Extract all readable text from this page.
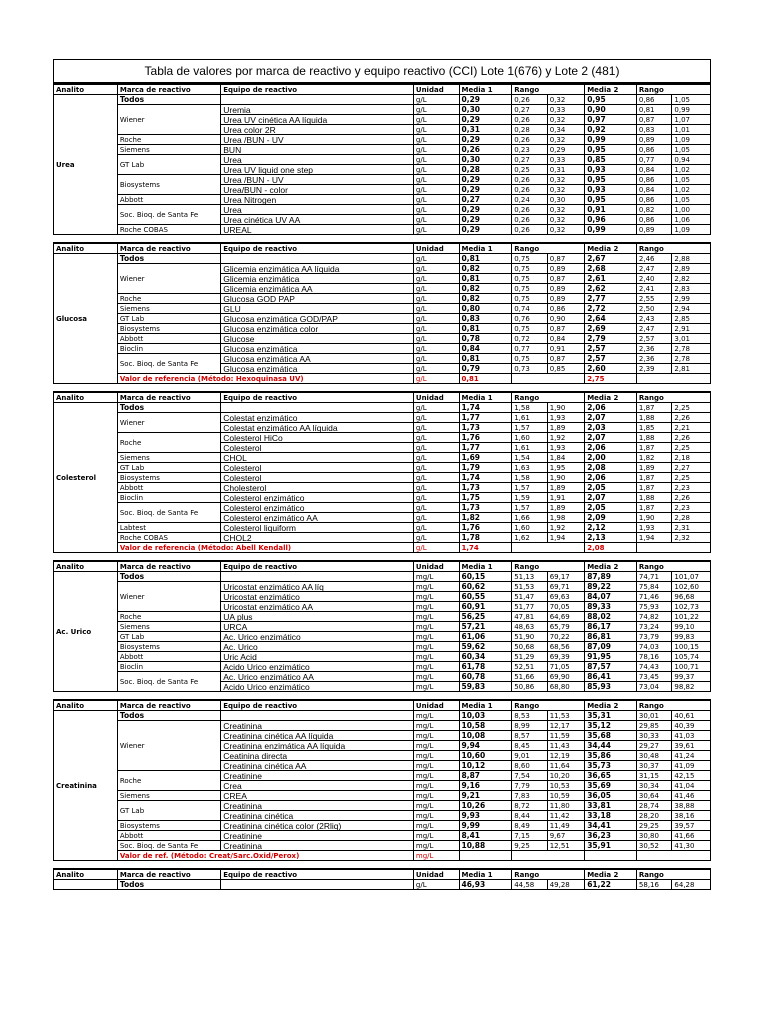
Tabla de valores por marca de reactivo y equipo reactivo (CCI) Lote 1(676) y Lote 2 (481)
Analito	Marca de reactivo	Equipo de reactivo	Unidad	Media 1	Rango		Media 2	Rango	
Urea	Todos		g/L	0,29	0,26	0,32	0,95	0,86	1,05
	Wiener	Uremia	g/L	0,30	0,27	0,33	0,90	0,81	0,99
		Urea UV cinética AA líquida	g/L	0,29	0,26	0,32	0,97	0,87	1,07
		Urea color 2R	g/L	0,31	0,28	0,34	0,92	0,83	1,01
	Roche	Urea /BUN - UV	g/L	0,29	0,26	0,32	0,99	0,89	1,09
	Siemens	BUN	g/L	0,26	0,23	0,29	0,95	0,86	1,05
	GT Lab	Urea	g/L	0,30	0,27	0,33	0,85	0,77	0,94
		Urea UV liquid one step	g/L	0,28	0,25	0,31	0,93	0,84	1,02
	Biosystems	Urea /BUN - UV	g/L	0,29	0,26	0,32	0,95	0,86	1,05
		Urea/BUN - color	g/L	0,29	0,26	0,32	0,93	0,84	1,02
	Abbott	Urea Nitrogen	g/L	0,27	0,24	0,30	0,95	0,86	1,05
	Soc. Bioq. de Santa Fe	Urea	g/L	0,29	0,26	0,32	0,91	0,82	1,00
		Urea cinética UV AA	g/L	0,29	0,26	0,32	0,96	0,86	1,06
	Roche COBAS	UREAL	g/L	0,29	0,26	0,32	0,99	0,89	1,09
Analito	Marca de reactivo	Equipo de reactivo	Unidad	Media 1	Rango		Media 2	Rango	
Glucosa	Todos		g/L	0,81	0,75	0,87	2,67	2,46	2,88
	Wiener	Glicemia enzimática AA líquida	g/L	0,82	0,75	0,89	2,68	2,47	2,89
		Glicemia enzimática	g/L	0,81	0,75	0,87	2,61	2,40	2,82
		Glicemia enzimática AA	g/L	0,82	0,75	0,89	2,62	2,41	2,83
	Roche	Glucosa GOD PAP	g/L	0,82	0,75	0,89	2,77	2,55	2,99
	Siemens	GLU	g/L	0,80	0,74	0,86	2,72	2,50	2,94
	GT Lab	Glucosa enzimática GOD/PAP	g/L	0,83	0,76	0,90	2,64	2,43	2,85
	Biosystems	Glucosa enzimática color	g/L	0,81	0,75	0,87	2,69	2,47	2,91
	Abbott	Glucose	g/L	0,78	0,72	0,84	2,79	2,57	3,01
	Bioclin	Glucosa enzimática	g/L	0,84	0,77	0,91	2,57	2,36	2,78
	Soc. Bioq. de Santa Fe	Glucosa enzimática AA	g/L	0,81	0,75	0,87	2,57	2,36	2,78
		Glucosa enzimática	g/L	0,79	0,73	0,85	2,60	2,39	2,81
	Valor de referencia (Método: Hexoquinasa UV)		g/L	0,81			2,75		
Analito	Marca de reactivo	Equipo de reactivo	Unidad	Media 1	Rango		Media 2	Rango	
Colesterol	Todos		g/L	1,74	1,58	1,90	2,06	1,87	2,25
	Wiener	Colestat enzimático	g/L	1,77	1,61	1,93	2,07	1,88	2,26
		Colestat enzimático AA líquida	g/L	1,73	1,57	1,89	2,03	1,85	2,21
	Roche	Colesterol HiCo	g/L	1,76	1,60	1,92	2,07	1,88	2,26
		Colesterol	g/L	1,77	1,61	1,93	2,06	1,87	2,25
	Siemens	CHOL	g/L	1,69	1,54	1,84	2,00	1,82	2,18
	GT Lab	Colesterol	g/L	1,79	1,63	1,95	2,08	1,89	2,27
	Biosystems	Colesterol	g/L	1,74	1,58	1,90	2,06	1,87	2,25
	Abbott	Cholesterol	g/L	1,73	1,57	1,89	2,05	1,87	2,23
	Bioclin	Colesterol enzimático	g/L	1,75	1,59	1,91	2,07	1,88	2,26
	Soc. Bioq. de Santa Fe	Colesterol enzimático	g/L	1,73	1,57	1,89	2,05	1,87	2,23
		Colesterol enzimático AA	g/L	1,82	1,66	1,98	2,09	1,90	2,28
	Labtest	Colesterol liquiform	g/L	1,76	1,60	1,92	2,12	1,93	2,31
	Roche COBAS	CHOL2	g/L	1,78	1,62	1,94	2,13	1,94	2,32
	Valor de referencia (Método: Abell Kendall)		g/L	1,74			2,08		
Analito	Marca de reactivo	Equipo de reactivo	Unidad	Media 1	Rango		Media 2	Rango	
Ac. Urico	Todos		mg/L	60,15	51,13	69,17	87,89	74,71	101,07
	Wiener	Uricostat enzimático AA líq	mg/L	60,62	51,53	69,71	89,22	75,84	102,60
		Uricostat enzimático	mg/L	60,55	51,47	69,63	84,07	71,46	96,68
		Uricostat enzimático AA	mg/L	60,91	51,77	70,05	89,33	75,93	102,73
	Roche	UA plus	mg/L	56,25	47,81	64,69	88,02	74,82	101,22
	Siemens	URCA	mg/L	57,21	48,63	65,79	86,17	73,24	99,10
	GT Lab	Ac. Urico enzimático	mg/L	61,06	51,90	70,22	86,81	73,79	99,83
	Biosystems	Ac. Urico	mg/L	59,62	50,68	68,56	87,09	74,03	100,15
	Abbott	Uric Acid	mg/L	60,34	51,29	69,39	91,95	78,16	105,74
	Bioclin	Acido Urico enzimático	mg/L	61,78	52,51	71,05	87,57	74,43	100,71
	Soc. Bioq. de Santa Fe	Ac. Urico enzimático AA	mg/L	60,78	51,66	69,90	86,41	73,45	99,37
		Acido Urico enzimático	mg/L	59,83	50,86	68,80	85,93	73,04	98,82
Analito	Marca de reactivo	Equipo de reactivo	Unidad	Media 1	Rango		Media 2	Rango	
Creatinina	Todos		mg/L	10,03	8,53	11,53	35,31	30,01	40,61
	Wiener	Creatinina	mg/L	10,58	8,99	12,17	35,12	29,85	40,39
		Creatinina cinética AA líquida	mg/L	10,08	8,57	11,59	35,68	30,33	41,03
		Creatinina enzimática AA líquida	mg/L	9,94	8,45	11,43	34,44	29,27	39,61
		Ceatinina directa	mg/L	10,60	9,01	12,19	35,86	30,48	41,24
		Creatinina cinética AA	mg/L	10,12	8,60	11,64	35,73	30,37	41,09
	Roche	Creatinine	mg/L	8,87	7,54	10,20	36,65	31,15	42,15
		Crea	mg/L	9,16	7,79	10,53	35,69	30,34	41,04
	Siemens	CREA	mg/L	9,21	7,83	10,59	36,05	30,64	41,46
	GT Lab	Creatinina	mg/L	10,26	8,72	11,80	33,81	28,74	38,88
		Creatinina cinética	mg/L	9,93	8,44	11,42	33,18	28,20	38,16
	Biosystems	Creatinina cinética color (2Rliq)	mg/L	9,99	8,49	11,49	34,41	29,25	39,57
	Abbott	Creatinine	mg/L	8,41	7,15	9,67	36,23	30,80	41,66
	Soc. Bioq. de Santa Fe	Creatinina	mg/L	10,88	9,25	12,51	35,91	30,52	41,30
	Valor de ref. (Método: Creat/Sarc.Oxid/Perox)		mg/L						
Analito	Marca de reactivo	Equipo de reactivo	Unidad	Media 1	Rango		Media 2	Rango	
	Todos		g/L	46,93	44,58	49,28	61,22	58,16	64,28
